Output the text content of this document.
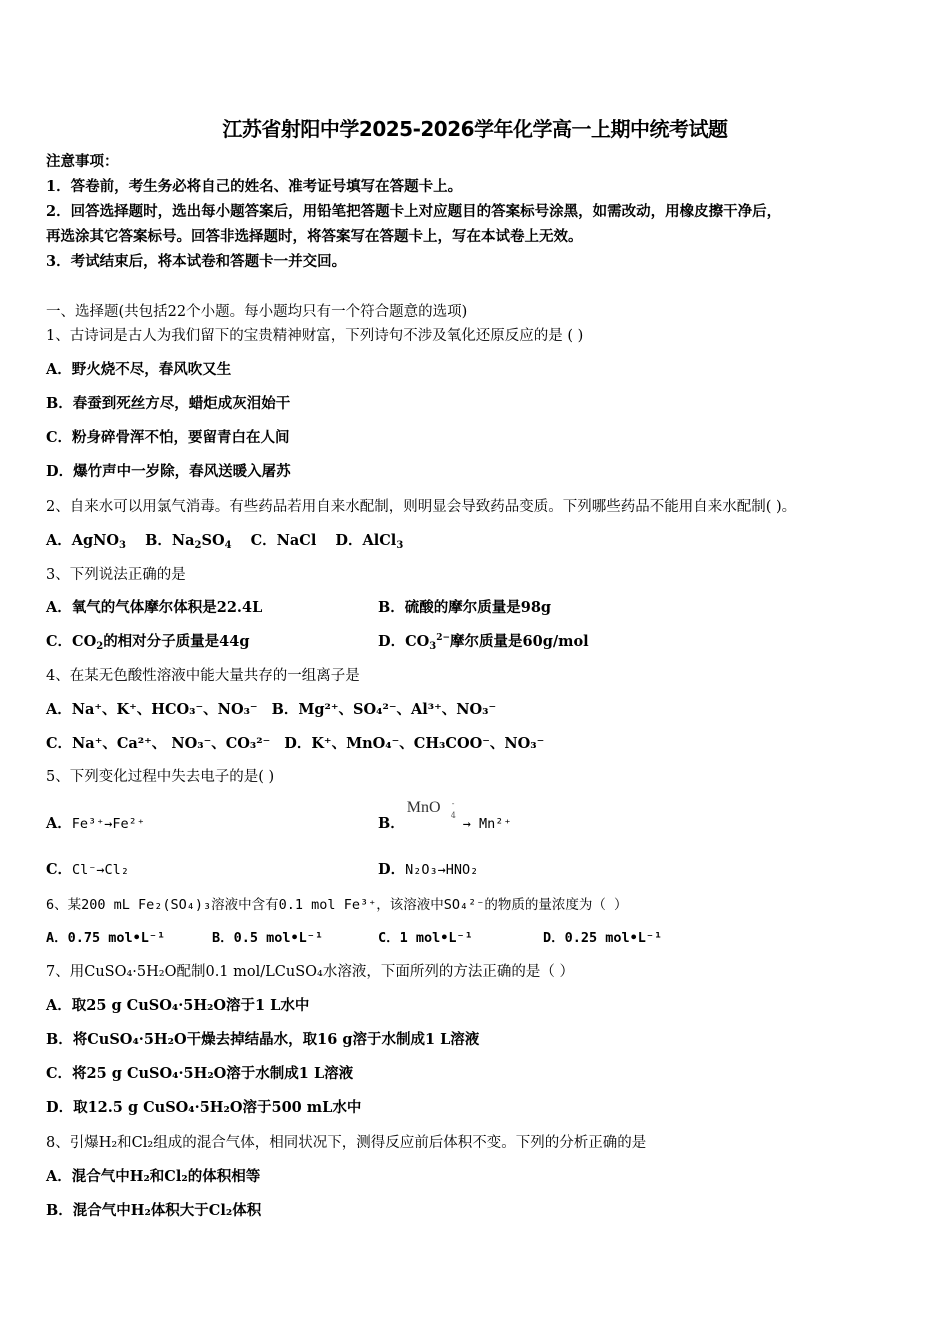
江苏省射阳中学2025-2026学年化学高一上期中统考试题
注意事项：
1．答卷前，考生务必将自己的姓名、准考证号填写在答题卡上。
2．回答选择题时，选出每小题答案后，用铅笔把答题卡上对应题目的答案标号涂黑，如需改动，用橡皮擦干净后，
再选涂其它答案标号。回答非选择题时，将答案写在答题卡上，写在本试卷上无效。
3．考试结束后，将本试卷和答题卡一并交回。
一、选择题(共包括22个小题。每小题均只有一个符合题意的选项)
1、古诗词是古人为我们留下的宝贵精神财富，下列诗句不涉及氧化还原反应的是 ( )
A．野火烧不尽，春风吹又生
B．春蚕到死丝方尽，蜡炬成灰泪始干
C．粉身碎骨浑不怕，要留青白在人间
D．爆竹声中一岁除，春风送暖入屠苏
2、自来水可以用氯气消毒。有些药品若用自来水配制，则明显会导致药品变质。下列哪些药品不能用自来水配制( )。
A．AgNO$_3$ B．$Na_2SO_4$ C．NaCl D．AlCl$_3$
3、下列说法正确的是
A．氧气的气体摩尔体积是22.4L	B．硫酸的摩尔质量是98g
C．$CO_2$的相对分子质量是44g	D．$CO_3^{2-}$摩尔质量是60g/mol
4、在某无色酸性溶液中能大量共存的一组离子是
A．Na⁺、K⁺、HCO₃⁻、NO₃⁻ B．Mg²⁺、SO₄²⁻、Al³⁺、NO₃⁻
C．Na⁺、Ca²⁺、 NO₃⁻、CO₃²⁻ D．K⁺、MnO₄⁻、CH₃COO⁻、NO₃⁻
5、下列变化过程中失去电子的是( )
A．Fe³⁺→Fe²⁺	B．
MnO -
4
→ Mn²⁺
C．Cl⁻→Cl₂	D．N₂O₃→HNO₂
6、某200 mL Fe₂(SO₄)₃溶液中含有0.1 mol Fe³⁺，该溶液中SO₄²⁻的物质的量浓度为（ ）
A．0.75 mol•L⁻¹	B．0.5 mol•L⁻¹	C．1 mol•L⁻¹	D．0.25 mol•L⁻¹
7、用CuSO₄·5H₂O配制0.1 mol/LCuSO₄水溶液，下面所列的方法正确的是（ ）
A．取25 g CuSO₄·5H₂O溶于1 L水中
B．将CuSO₄·5H₂O干燥去掉结晶水，取16 g溶于水制成1 L溶液
C．将25 g CuSO₄·5H₂O溶于水制成1 L溶液
D．取12.5 g CuSO₄·5H₂O溶于500 mL水中
8、引爆H₂和Cl₂组成的混合气体，相同状况下，测得反应前后体积不变。下列的分析正确的是
A．混合气中H₂和Cl₂的体积相等
B．混合气中H₂体积大于Cl₂体积
